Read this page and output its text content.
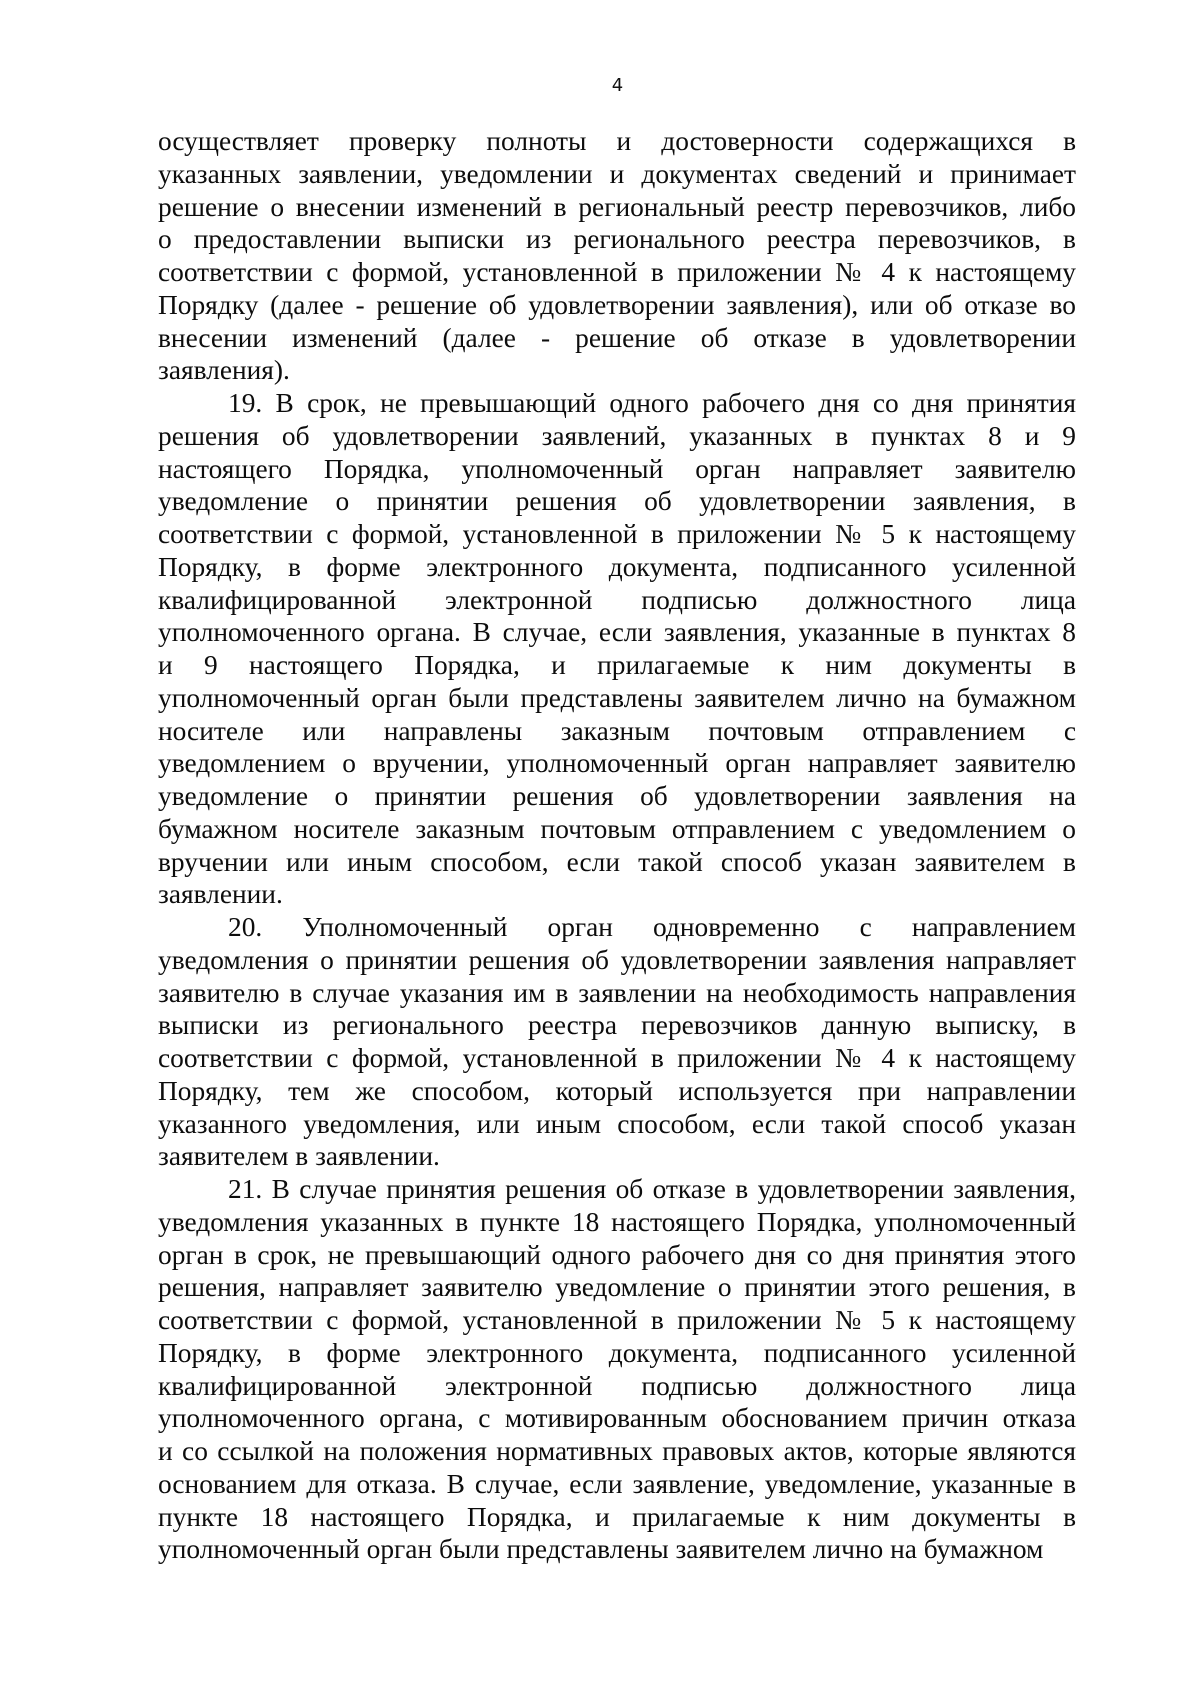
4
осуществляет проверку полноты и достоверности содержащихся в
указанных заявлении, уведомлении и документах сведений и принимает
решение о внесении изменений в региональный реестр перевозчиков, либо
о предоставлении выписки из регионального реестра перевозчиков, в
соответствии с формой, установленной в приложении № 4 к настоящему
Порядку (далее - решение об удовлетворении заявления), или об отказе во
внесении изменений (далее - решение об отказе в удовлетворении
заявления).
19. В срок, не превышающий одного рабочего дня со дня принятия
решения об удовлетворении заявлений, указанных в пунктах 8 и 9
настоящего Порядка, уполномоченный орган направляет заявителю
уведомление о принятии решения об удовлетворении заявления, в
соответствии с формой, установленной в приложении № 5 к настоящему
Порядку, в форме электронного документа, подписанного усиленной
квалифицированной электронной подписью должностного лица
уполномоченного органа. В случае, если заявления, указанные в пунктах 8
и 9 настоящего Порядка, и прилагаемые к ним документы в
уполномоченный орган были представлены заявителем лично на бумажном
носителе или направлены заказным почтовым отправлением с
уведомлением о вручении, уполномоченный орган направляет заявителю
уведомление о принятии решения об удовлетворении заявления на
бумажном носителе заказным почтовым отправлением с уведомлением о
вручении или иным способом, если такой способ указан заявителем в
заявлении.
20. Уполномоченный орган одновременно с направлением
уведомления о принятии решения об удовлетворении заявления направляет
заявителю в случае указания им в заявлении на необходимость направления
выписки из регионального реестра перевозчиков данную выписку, в
соответствии с формой, установленной в приложении № 4 к настоящему
Порядку, тем же способом, который используется при направлении
указанного уведомления, или иным способом, если такой способ указан
заявителем в заявлении.
21. В случае принятия решения об отказе в удовлетворении заявления,
уведомления указанных в пункте 18 настоящего Порядка, уполномоченный
орган в срок, не превышающий одного рабочего дня со дня принятия этого
решения, направляет заявителю уведомление о принятии этого решения, в
соответствии с формой, установленной в приложении № 5 к настоящему
Порядку, в форме электронного документа, подписанного усиленной
квалифицированной электронной подписью должностного лица
уполномоченного органа, с мотивированным обоснованием причин отказа
и со ссылкой на положения нормативных правовых актов, которые являются
основанием для отказа. В случае, если заявление, уведомление, указанные в
пункте 18 настоящего Порядка, и прилагаемые к ним документы в
уполномоченный орган были представлены заявителем лично на бумажном
